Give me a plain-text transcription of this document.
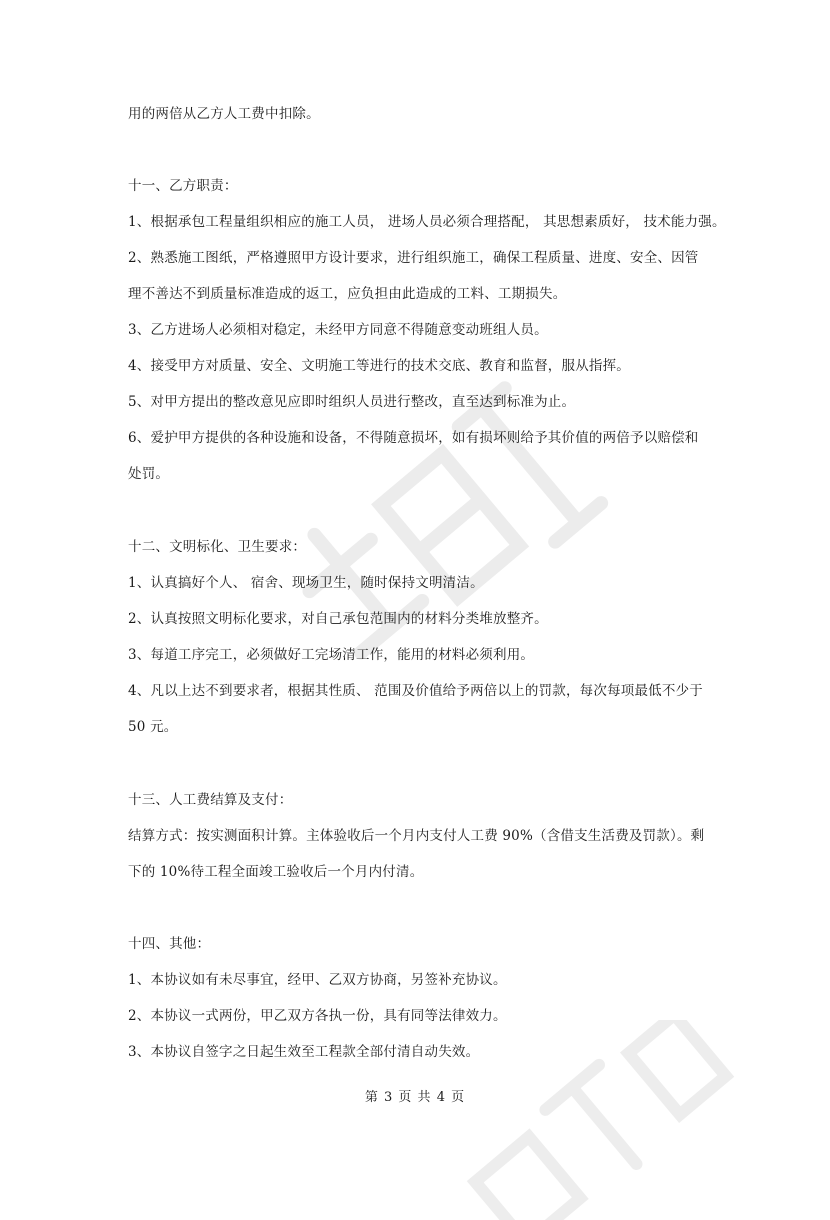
用的两倍从乙方人工费中扣除。
十一、乙方职责：
1、根据承包工程量组织相应的施工人员， 进场人员必须合理搭配， 其思想素质好， 技术能力强。
2、熟悉施工图纸，严格遵照甲方设计要求，进行组织施工，确保工程质量、进度、安全、因管
理不善达不到质量标准造成的返工，应负担由此造成的工料、工期损失。
3、乙方进场人必须相对稳定，未经甲方同意不得随意变动班组人员。
4、接受甲方对质量、安全、文明施工等进行的技术交底、教育和监督，服从指挥。
5、对甲方提出的整改意见应即时组织人员进行整改，直至达到标准为止。
6、爱护甲方提供的各种设施和设备，不得随意损坏，如有损坏则给予其价值的两倍予以赔偿和
处罚。
十二、文明标化、卫生要求：
1、认真搞好个人、 宿舍、现场卫生，随时保持文明清洁。
2、认真按照文明标化要求，对自己承包范围内的材料分类堆放整齐。
3、每道工序完工，必须做好工完场清工作，能用的材料必须利用。
4、凡以上达不到要求者，根据其性质、 范围及价值给予两倍以上的罚款，每次每项最低不少于
50 元。
十三、人工费结算及支付：
结算方式：按实测面积计算。主体验收后一个月内支付人工费 90%（含借支生活费及罚款）。剩
下的 10%待工程全面竣工验收后一个月内付清。
十四、其他：
1、本协议如有未尽事宜，经甲、乙双方协商，另签补充协议。
2、本协议一式两份，甲乙双方各执一份，具有同等法律效力。
3、本协议自签字之日起生效至工程款全部付清自动失效。
第 3 页 共 4 页
